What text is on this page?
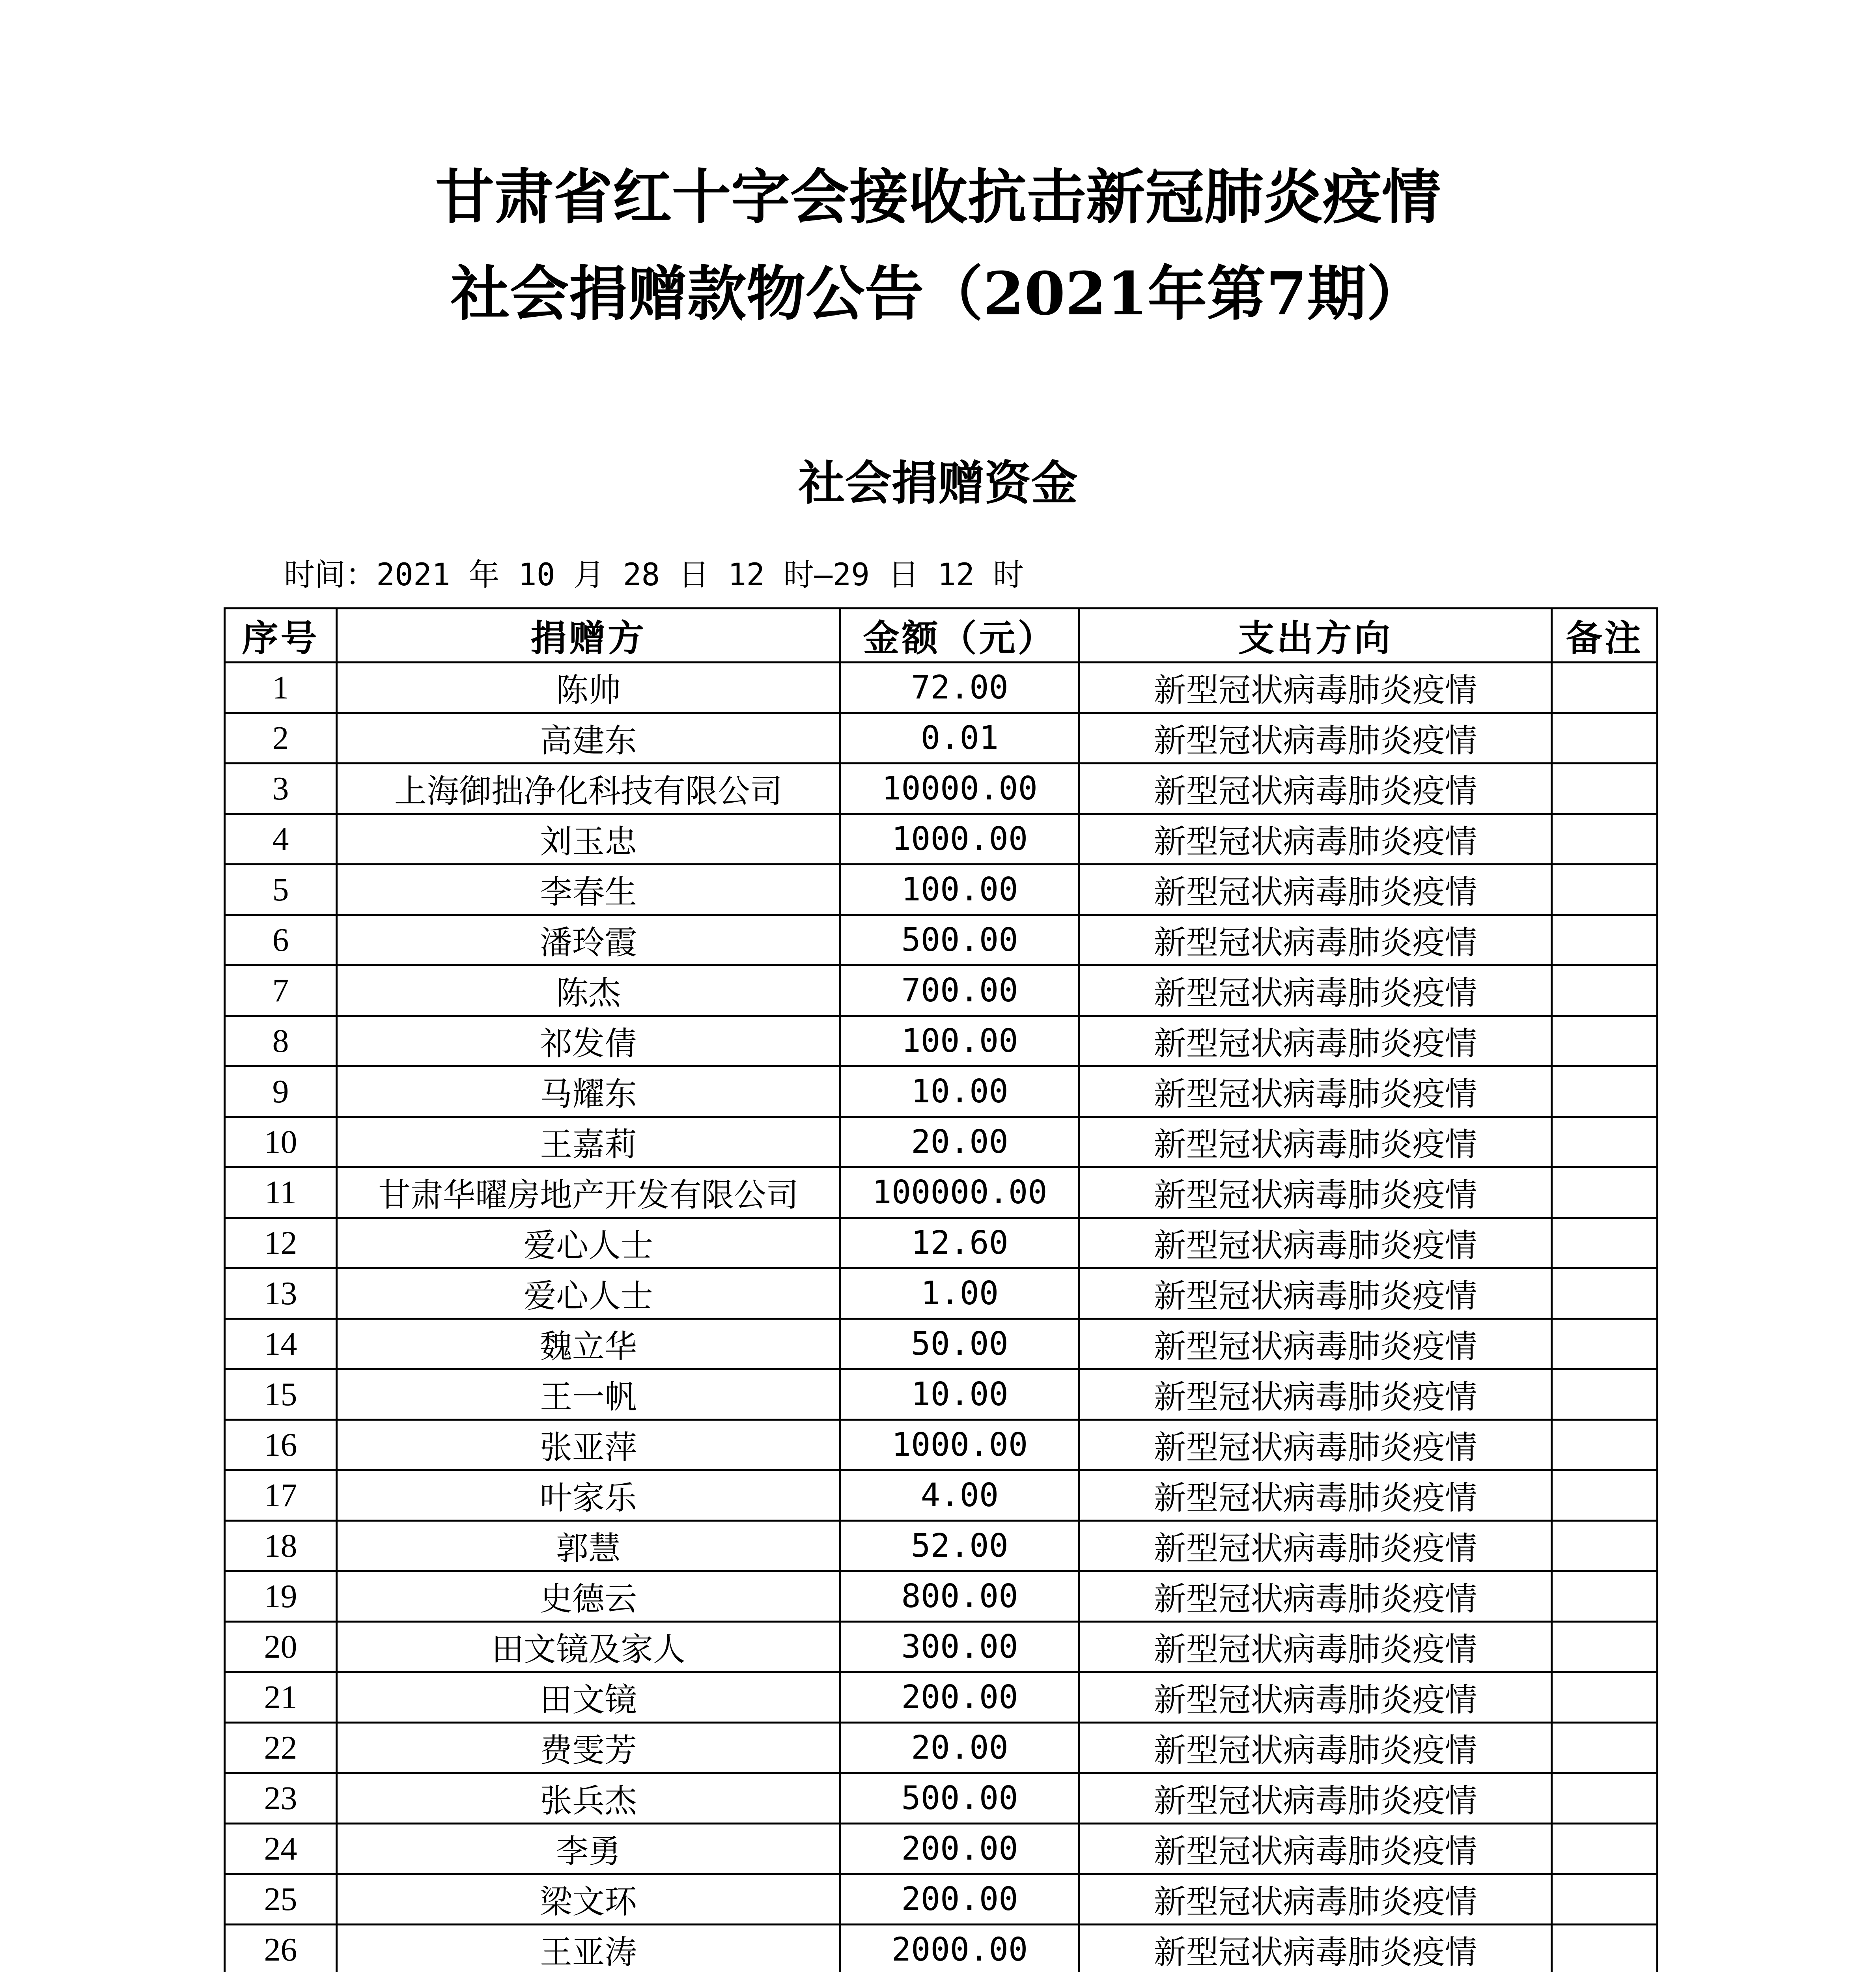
甘肃省红十字会接收抗击新冠肺炎疫情
社会捐赠款物公告（2021年第7期）
社会捐赠资金
时间：2021 年 10 月 28 日 12 时—29 日 12 时
序号	捐赠方	金额（元）	支出方向	备注
1	陈帅	72.00	新型冠状病毒肺炎疫情	
2	高建东	0.01	新型冠状病毒肺炎疫情	
3	上海御拙净化科技有限公司	10000.00	新型冠状病毒肺炎疫情	
4	刘玉忠	1000.00	新型冠状病毒肺炎疫情	
5	李春生	100.00	新型冠状病毒肺炎疫情	
6	潘玲霞	500.00	新型冠状病毒肺炎疫情	
7	陈杰	700.00	新型冠状病毒肺炎疫情	
8	祁发倩	100.00	新型冠状病毒肺炎疫情	
9	马耀东	10.00	新型冠状病毒肺炎疫情	
10	王嘉莉	20.00	新型冠状病毒肺炎疫情	
11	甘肃华曜房地产开发有限公司	100000.00	新型冠状病毒肺炎疫情	
12	爱心人士	12.60	新型冠状病毒肺炎疫情	
13	爱心人士	1.00	新型冠状病毒肺炎疫情	
14	魏立华	50.00	新型冠状病毒肺炎疫情	
15	王一帆	10.00	新型冠状病毒肺炎疫情	
16	张亚萍	1000.00	新型冠状病毒肺炎疫情	
17	叶家乐	4.00	新型冠状病毒肺炎疫情	
18	郭慧	52.00	新型冠状病毒肺炎疫情	
19	史德云	800.00	新型冠状病毒肺炎疫情	
20	田文镜及家人	300.00	新型冠状病毒肺炎疫情	
21	田文镜	200.00	新型冠状病毒肺炎疫情	
22	费雯芳	20.00	新型冠状病毒肺炎疫情	
23	张兵杰	500.00	新型冠状病毒肺炎疫情	
24	李勇	200.00	新型冠状病毒肺炎疫情	
25	梁文环	200.00	新型冠状病毒肺炎疫情	
26	王亚涛	2000.00	新型冠状病毒肺炎疫情	
